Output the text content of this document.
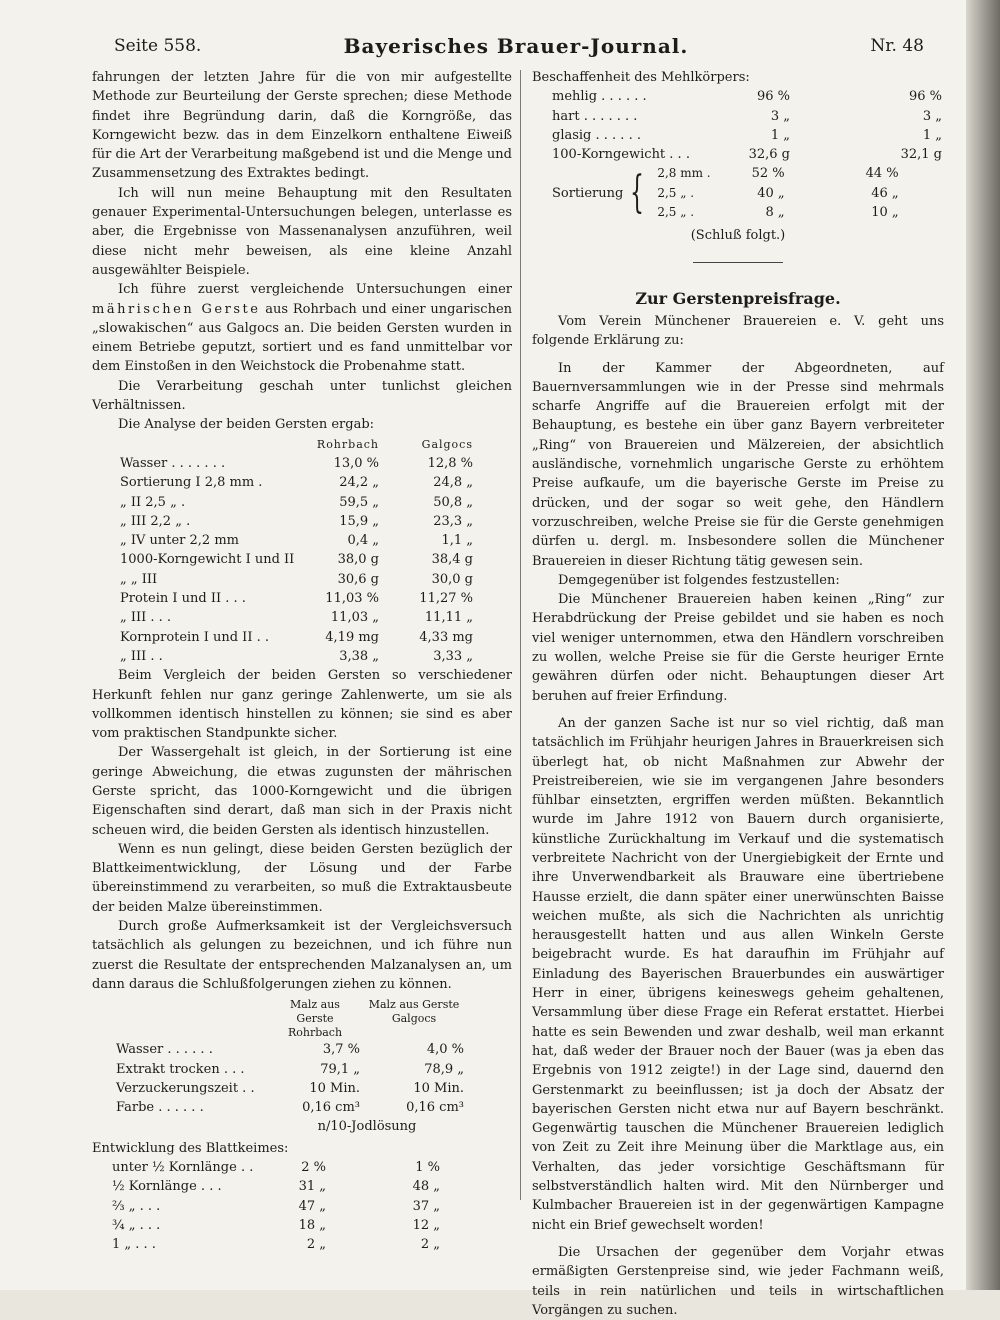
Seite 558.	Bayerisches Brauer-Journal.	Nr. 48

fahrungen der letzten Jahre für die von mir aufgestellte Methode zur Beurteilung der Gerste sprechen; diese Methode findet ihre Begründung darin, daß die Korngröße, das Korngewicht bezw. das in dem Einzelkorn enthaltene Eiweiß für die Art der Verarbeitung maßgebend ist und die Menge und Zusammensetzung des Extraktes bedingt.

Ich will nun meine Behauptung mit den Resultaten genauer Experimental-Untersuchungen belegen, unterlasse es aber, die Ergebnisse von Massenanalysen anzuführen, weil diese nicht mehr beweisen, als eine kleine Anzahl ausgewählter Beispiele.

Ich führe zuerst vergleichende Untersuchungen einer mährischen Gerste aus Rohrbach und einer ungarischen „slowakischen“ aus Galgocs an. Die beiden Gersten wurden in einem Betriebe geputzt, sortiert und es fand unmittelbar vor dem Einstoßen in den Weichstock die Probenahme statt.

Die Verarbeitung geschah unter tunlichst gleichen Verhältnissen.

Die Analyse der beiden Gersten ergab:

	Rohrbach	Galgocs
Wasser . . . . . . .	13,0 %	12,8 %
Sortierung I 2,8 mm .	24,2 „	24,8 „
„ II 2,5 „ .	59,5 „	50,8 „
„ III 2,2 „ .	15,9 „	23,3 „
„ IV unter 2,2 mm	0,4 „	1,1 „
1000-Korngewicht I und II	38,0 g	38,4 g
„ „ III	30,6 g	30,0 g
Protein I und II . . .	11,03 %	11,27 %
„ III . . .	11,03 „	11,11 „
Kornprotein I und II . .	4,19 mg	4,33 mg
„ III . .	3,38 „	3,33 „

Beim Vergleich der beiden Gersten so verschiedener Herkunft fehlen nur ganz geringe Zahlenwerte, um sie als vollkommen identisch hinstellen zu können; sie sind es aber vom praktischen Standpunkte sicher.

Der Wassergehalt ist gleich, in der Sortierung ist eine geringe Abweichung, die etwas zugunsten der mährischen Gerste spricht, das 1000-Korngewicht und die übrigen Eigenschaften sind derart, daß man sich in der Praxis nicht scheuen wird, die beiden Gersten als identisch hinzustellen.

Wenn es nun gelingt, diese beiden Gersten bezüglich der Blattkeimentwicklung, der Lösung und der Farbe übereinstimmend zu verarbeiten, so muß die Extraktausbeute der beiden Malze übereinstimmen.

Durch große Aufmerksamkeit ist der Vergleichsversuch tatsächlich als gelungen zu bezeichnen, und ich führe nun zuerst die Resultate der entsprechenden Malzanalysen an, um dann daraus die Schlußfolgerungen ziehen zu können.

	Malz aus Gerste Rohrbach	Malz aus Gerste Galgocs
Wasser . . . . . .	3,7 %	4,0 %
Extrakt trocken . . .	79,1 „	78,9 „
Verzuckerungszeit . .	10 Min.	10 Min.
Farbe . . . . . .	0,16 cm³	0,16 cm³
	n/10-Jodlösung	

Entwicklung des Blattkeimes:

unter ½ Kornlänge . .	2 %	1 %
½ Kornlänge . . .	31 „	48 „
⅔ „ . . .	47 „	37 „
¾ „ . . .	18 „	12 „
1 „ . . .	2 „	2 „

Beschaffenheit des Mehlkörpers:

mehlig . . . . . .	96 %	96 %
hart . . . . . . .	3 „	3 „
glasig . . . . . .	1 „	1 „
100-Korngewicht . . .	32,6 g	32,1 g
Sortierung	{	2,8 mm .	52 %	44 %
		2,5 „ .	40 „	46 „
		2,5 „ .	8 „	10 „

(Schluß folgt.)

Zur Gerstenpreisfrage.

Vom Verein Münchener Brauereien e. V. geht uns folgende Erklärung zu:

In der Kammer der Abgeordneten, auf Bauernversammlungen wie in der Presse sind mehrmals scharfe Angriffe auf die Brauereien erfolgt mit der Behauptung, es bestehe ein über ganz Bayern verbreiteter „Ring“ von Brauereien und Mälzereien, der absichtlich ausländische, vornehmlich ungarische Gerste zu erhöhtem Preise aufkaufe, um die bayerische Gerste im Preise zu drücken, und der sogar so weit gehe, den Händlern vorzuschreiben, welche Preise sie für die Gerste genehmigen dürfen u. dergl. m. Insbesondere sollen die Münchener Brauereien in dieser Richtung tätig gewesen sein.

Demgegenüber ist folgendes festzustellen:

Die Münchener Brauereien haben keinen „Ring“ zur Herabdrückung der Preise gebildet und sie haben es noch viel weniger unternommen, etwa den Händlern vorschreiben zu wollen, welche Preise sie für die Gerste heuriger Ernte gewähren dürfen oder nicht. Behauptungen dieser Art beruhen auf freier Erfindung.

An der ganzen Sache ist nur so viel richtig, daß man tatsächlich im Frühjahr heurigen Jahres in Brauerkreisen sich überlegt hat, ob nicht Maßnahmen zur Abwehr der Preistreibereien, wie sie im vergangenen Jahre besonders fühlbar einsetzten, ergriffen werden müßten. Bekanntlich wurde im Jahre 1912 von Bauern durch organisierte, künstliche Zurückhaltung im Verkauf und die systematisch verbreitete Nachricht von der Unergiebigkeit der Ernte und ihre Unverwendbarkeit als Brauware eine übertriebene Hausse erzielt, die dann später einer unerwünschten Baisse weichen mußte, als sich die Nachrichten als unrichtig herausgestellt hatten und aus allen Winkeln Gerste beigebracht wurde. Es hat daraufhin im Frühjahr auf Einladung des Bayerischen Brauerbundes ein auswärtiger Herr in einer, übrigens keineswegs geheim gehaltenen, Versammlung über diese Frage ein Referat erstattet. Hierbei hatte es sein Bewenden und zwar deshalb, weil man erkannt hat, daß weder der Brauer noch der Bauer (was ja eben das Ergebnis von 1912 zeigte!) in der Lage sind, dauernd den Gerstenmarkt zu beeinflussen; ist ja doch der Absatz der bayerischen Gersten nicht etwa nur auf Bayern beschränkt. Gegenwärtig tauschen die Münchener Brauereien lediglich von Zeit zu Zeit ihre Meinung über die Marktlage aus, ein Verhalten, das jeder vorsichtige Geschäftsmann für selbstverständlich halten wird. Mit den Nürnberger und Kulmbacher Brauereien ist in der gegenwärtigen Kampagne nicht ein Brief gewechselt worden!

Die Ursachen der gegenüber dem Vorjahr etwas ermäßigten Gerstenpreise sind, wie jeder Fachmann weiß, teils in rein natürlichen und teils in wirtschaftlichen Vorgängen zu suchen.
